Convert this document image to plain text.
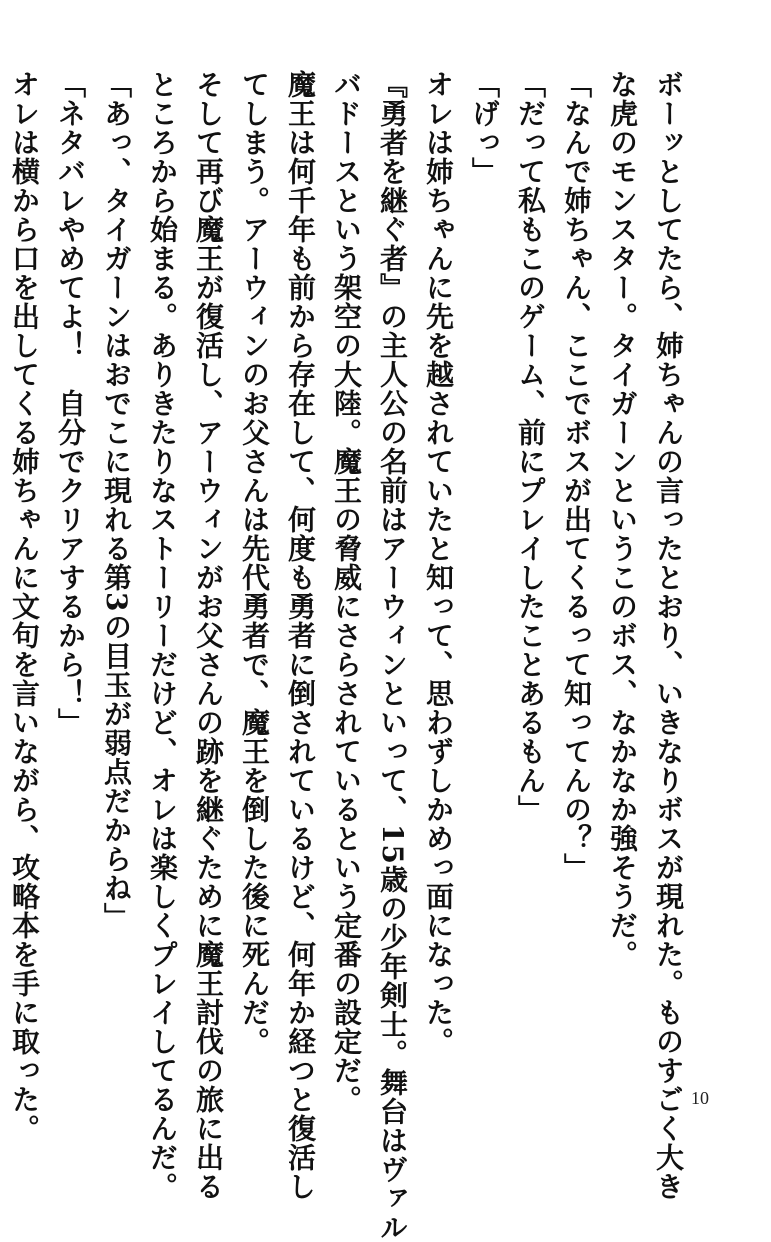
ボーッとしてたら、姉ちゃんの言ったとおり、いきなりボスが現れた。ものすごく大き
な虎のモンスター。タイガーンというこのボス、なかなか強そうだ。
「なんで姉ちゃん、ここでボスが出てくるって知ってんの？」
「だって私もこのゲーム、前にプレイしたことあるもん」
「げっ」
オレは姉ちゃんに先を越されていたと知って、思わずしかめっ面になった。
『勇者を継ぐ者』の主人公の名前はアーウィンといって、15歳の少年剣士。舞台はヴァル
バドースという架空の大陸。魔王の脅威にさらされているという定番の設定だ。
魔王は何千年も前から存在して、何度も勇者に倒されているけど、何年か経つと復活し
てしまう。アーウィンのお父さんは先代勇者で、魔王を倒した後に死んだ。
そして再び魔王が復活し、アーウィンがお父さんの跡を継ぐために魔王討伐の旅に出る
ところから始まる。ありきたりなストーリーだけど、オレは楽しくプレイしてるんだ。
「あっ、タイガーンはおでこに現れる第3の目玉が弱点だからね」
「ネタバレやめてよ！　自分でクリアするから！」
オレは横から口を出してくる姉ちゃんに文句を言いながら、攻略本を手に取った。	10
